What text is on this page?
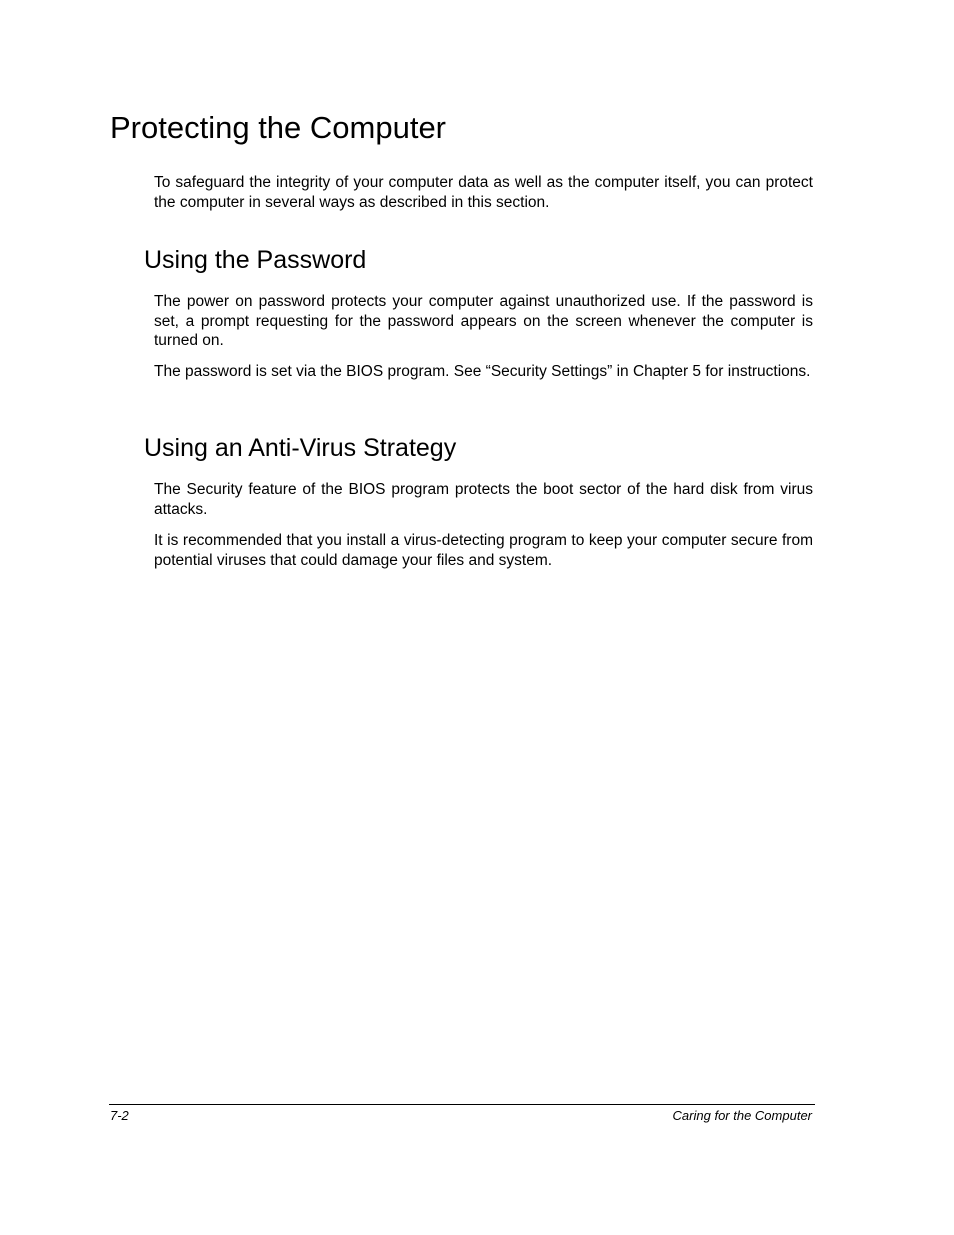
Protecting the Computer

To safeguard the integrity of your computer data as well as the computer itself, you can protect the computer in several ways as described in this section.

Using the Password

The power on password protects your computer against unauthorized use. If the password is set, a prompt requesting for the password appears on the screen whenever the computer is turned on.

The password is set via the BIOS program. See “Security Settings” in Chapter 5 for instructions.

Using an Anti-Virus Strategy

The Security feature of the BIOS program protects the boot sector of the hard disk from virus attacks.

It is recommended that you install a virus-detecting program to keep your computer secure from potential viruses that could damage your files and system.

7-2	Caring for the Computer
